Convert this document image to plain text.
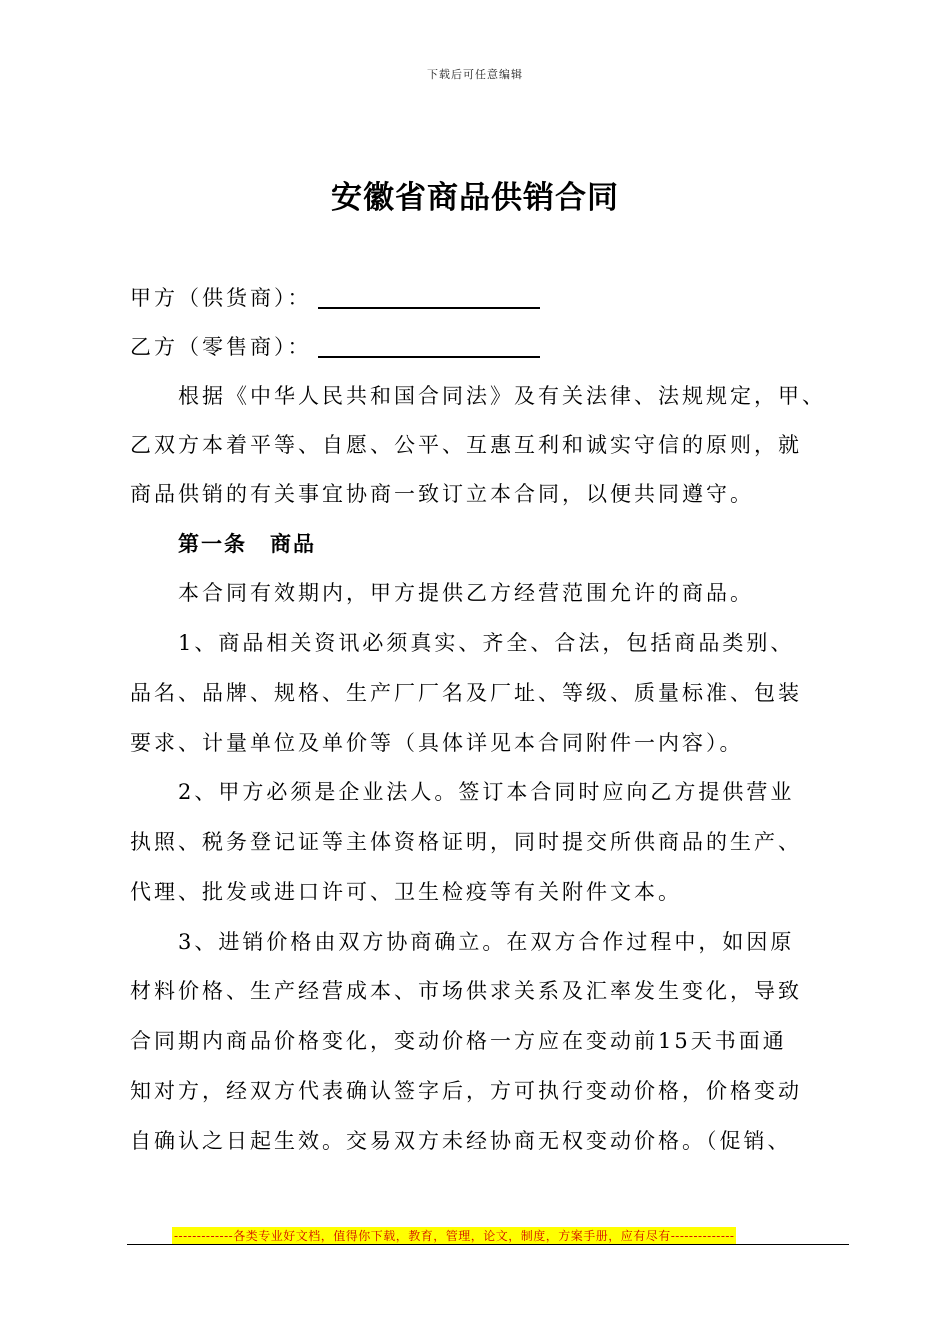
下载后可任意编辑
安徽省商品供销合同
甲方（供货商）：
乙方（零售商）：
根据《中华人民共和国合同法》及有关法律、法规规定，甲、
乙双方本着平等、自愿、公平、互惠互利和诚实守信的原则，就
商品供销的有关事宜协商一致订立本合同，以便共同遵守。
第一条　商品
本合同有效期内，甲方提供乙方经营范围允许的商品。
1、商品相关资讯必须真实、齐全、合法，包括商品类别、
品名、品牌、规格、生产厂厂名及厂址、等级、质量标准、包装
要求、计量单位及单价等（具体详见本合同附件一内容）。
2、甲方必须是企业法人。签订本合同时应向乙方提供营业
执照、税务登记证等主体资格证明，同时提交所供商品的生产、
代理、批发或进口许可、卫生检疫等有关附件文本。
3、进销价格由双方协商确立。在双方合作过程中，如因原
材料价格、生产经营成本、市场供求关系及汇率发生变化，导致
合同期内商品价格变化，变动价格一方应在变动前15天书面通
知对方，经双方代表确认签字后，方可执行变动价格，价格变动
自确认之日起生效。交易双方未经协商无权变动价格。（促销、
-------------各类专业好文档，值得你下载，教育，管理，论文，制度，方案手册，应有尽有--------------
